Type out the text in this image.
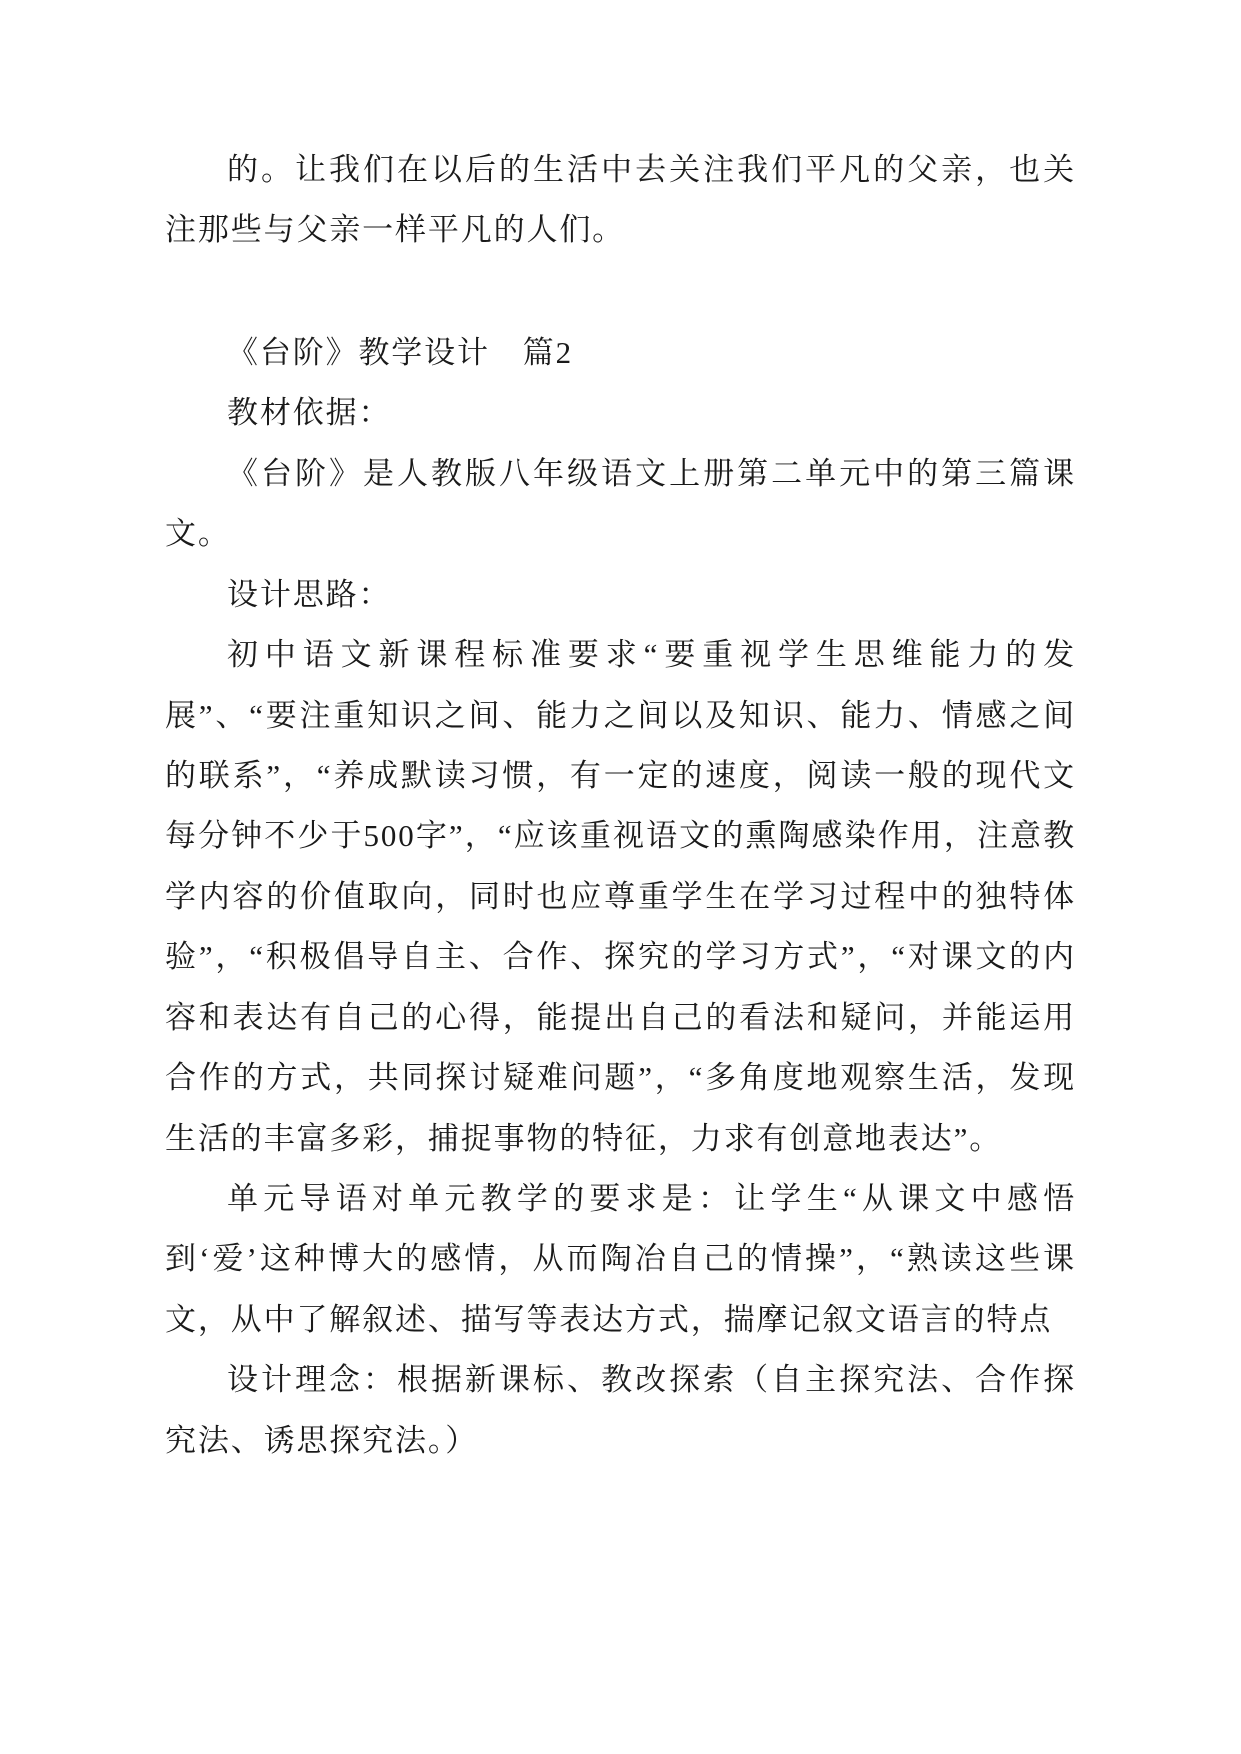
的。让我们在以后的生活中去关注我们平凡的父亲，也关注那些与父亲一样平凡的人们。

《台阶》教学设计　篇2

教材依据：

《台阶》是人教版八年级语文上册第二单元中的第三篇课文。

设计思路：

初中语文新课程标准要求“要重视学生思维能力的发展”、“要注重知识之间、能力之间以及知识、能力、情感之间的联系”，“养成默读习惯，有一定的速度，阅读一般的现代文每分钟不少于500字”，“应该重视语文的熏陶感染作用，注意教学内容的价值取向，同时也应尊重学生在学习过程中的独特体验”，“积极倡导自主、合作、探究的学习方式”，“对课文的内容和表达有自己的心得，能提出自己的看法和疑问，并能运用合作的方式，共同探讨疑难问题”，“多角度地观察生活，发现生活的丰富多彩，捕捉事物的特征，力求有创意地表达”。

单元导语对单元教学的要求是：让学生“从课文中感悟到‘爱’这种博大的感情，从而陶冶自己的情操”，“熟读这些课文，从中了解叙述、描写等表达方式，揣摩记叙文语言的特点

设计理念：根据新课标、教改探索（自主探究法、合作探究法、诱思探究法。）
